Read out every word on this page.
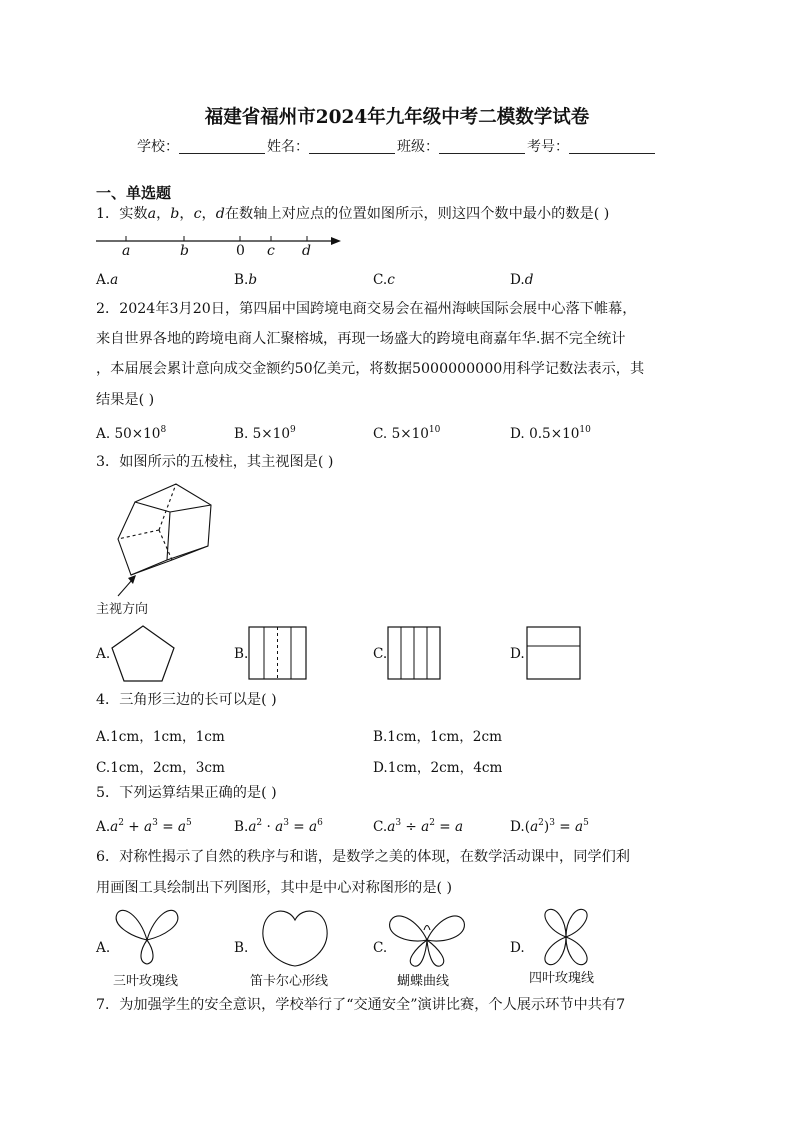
福建省福州市2024年九年级中考二模数学试卷
学校：	姓名：	班级：	考号：
一、单选题
1．实数a，b，c，d在数轴上对应点的位置如图所示，则这四个数中最小的数是( )
a	b	0 c d
A.a	B.b	C.c	D.d
2．2024年3月20日，第四届中国跨境电商交易会在福州海峡国际会展中心落下帷幕，
来自世界各地的跨境电商人汇聚榕城，再现一场盛大的跨境电商嘉年华.据不完全统计
，本届展会累计意向成交金额约50亿美元，将数据5000000000用科学记数法表示，其
结果是( )
A. $50\times 10^8$	B. $5\times 10^9$	C. $5\times 10^{10}$	D. $0.5\times 10^{10}$
3．如图所示的五棱柱，其主视图是( )
主视方向
A.	B.	C.	D.
4．三角形三边的长可以是( )
A.1cm，1cm，1cm	B.1cm，1cm，2cm
C.1cm，2cm，3cm	D.1cm，2cm，4cm
5．下列运算结果正确的是( )
$A.a^2 + a^3 = a^5$	$B.a^2 \cdot a^3 = a^6$	$C.a^3 \div a^2 = a$	$D.(a^2)^3 = a^5$
6．对称性揭示了自然的秩序与和谐，是数学之美的体现，在数学活动课中，同学们利
用画图工具绘制出下列图形，其中是中心对称图形的是( )
A.	B.	C.	D.
三叶玫瑰线	笛卡尔心形线	蝴蝶曲线	四叶玫瑰线
7．为加强学生的安全意识，学校举行了“交通安全”演讲比赛，个人展示环节中共有7
